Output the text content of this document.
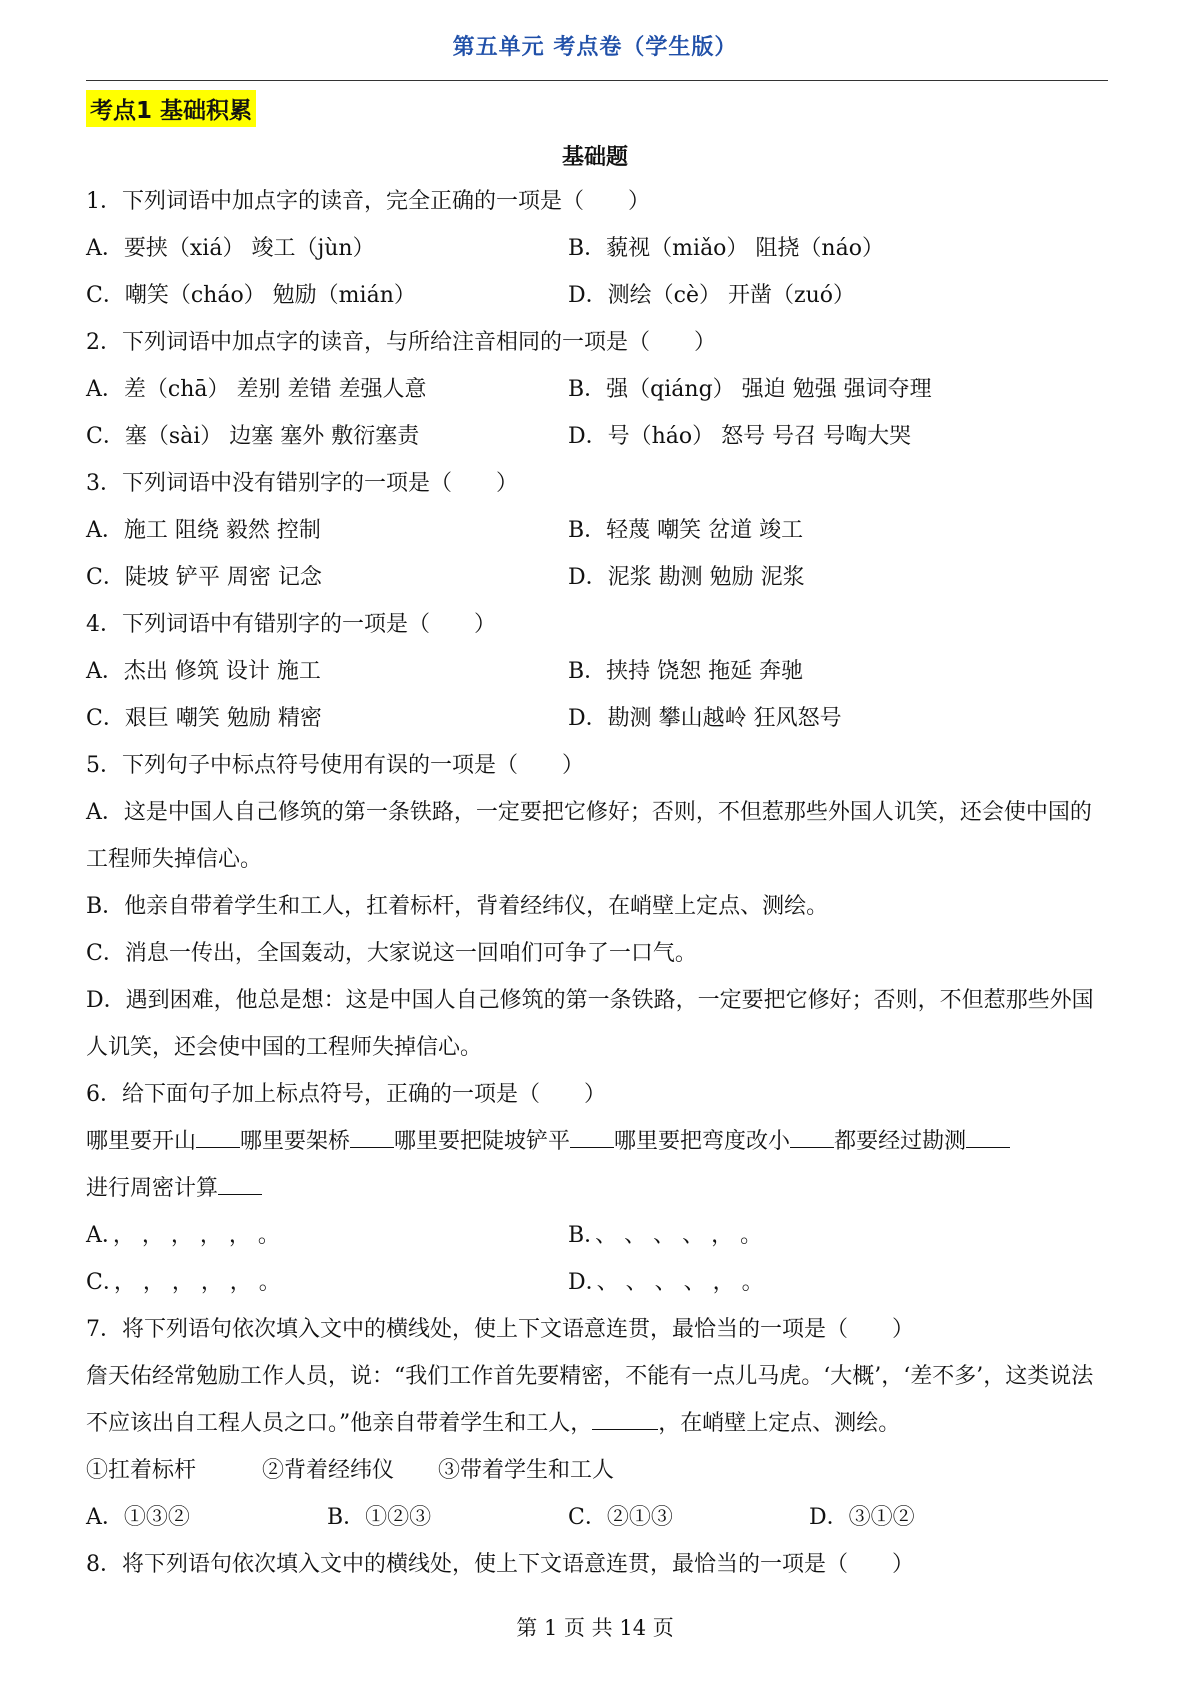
第五单元 考点卷（学生版）
考点1 基础积累
基础题
1．下列词语中加点字的读音，完全正确的一项是（　　）
A．要挟（xiá） 竣工（jùn）	B．藐视（miǎo） 阻挠（náo）
C．嘲笑（cháo） 勉励（mián）	D．测绘（cè） 开凿（zuó）
2．下列词语中加点字的读音，与所给注音相同的一项是（　　）
A．差（chā） 差别 差错 差强人意	B．强（qiáng） 强迫 勉强 强词夺理
C．塞（sài） 边塞 塞外 敷衍塞责	D．号（háo） 怒号 号召 号啕大哭
3．下列词语中没有错别字的一项是（　　）
A．施工 阻绕 毅然 控制	B．轻蔑 嘲笑 岔道 竣工
C．陡坡 铲平 周密 记念	D．泥浆 勘测 勉励 泥浆
4．下列词语中有错别字的一项是（　　）
A．杰出 修筑 设计 施工	B．挟持 饶恕 拖延 奔驰
C．艰巨 嘲笑 勉励 精密	D．勘测 攀山越岭 狂风怒号
5．下列句子中标点符号使用有误的一项是（　　）
A．这是中国人自己修筑的第一条铁路，一定要把它修好；否则，不但惹那些外国人讥笑，还会使中国的工程师失掉信心。
B．他亲自带着学生和工人，扛着标杆，背着经纬仪，在峭壁上定点、测绘。
C．消息一传出，全国轰动，大家说这一回咱们可争了一口气。
D．遇到困难，他总是想：这是中国人自己修筑的第一条铁路，一定要把它修好；否则，不但惹那些外国人讥笑，还会使中国的工程师失掉信心。
6．给下面句子加上标点符号，正确的一项是（　　）
哪里要开山 哪里要架桥 哪里要把陡坡铲平 哪里要把弯度改小 都要经过勘测
进行周密计算
A．， ， ， ， ， 。	B．、 、 、 、 ， 。
C．， ， ， ， ， 。	D．、 、 、 、 ， 。
7．将下列语句依次填入文中的横线处，使上下文语意连贯，最恰当的一项是（　　）
詹天佑经常勉励工作人员，说：“我们工作首先要精密，不能有一点儿马虎。‘大概’，‘差不多’，这类说法不应该出自工程人员之口。”他亲自带着学生和工人，	，在峭壁上定点、测绘。
①扛着标杆　　　②背着经纬仪　　③带着学生和工人
A．①③②	B．①②③	C．②①③	D．③①②
8．将下列语句依次填入文中的横线处，使上下文语意连贯，最恰当的一项是（　　）
第 1 页 共 14 页
